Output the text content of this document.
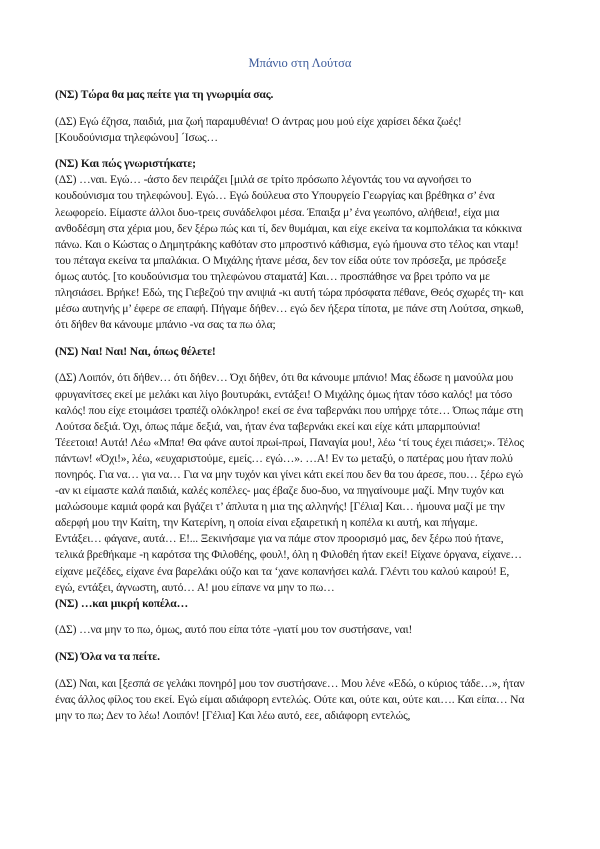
Μπάνιο στη Λούτσα

(ΝΣ) Τώρα θα μας πείτε για τη γνωριμία σας.

(ΔΣ) Εγώ έζησα, παιδιά, μια ζωή παραμυθένια! Ο άντρας μου μού είχε χαρίσει δέκα ζωές! [Κουδούνισμα τηλεφώνου] ´Ισως…

(ΝΣ) Και πώς γνωριστήκατε;

(ΔΣ) …ναι. Εγώ… -άστο δεν πειράζει [μιλά σε τρίτο πρόσωπο λέγοντάς του να αγνοήσει το κουδούνισμα του τηλεφώνου]. Εγώ… Εγώ δούλευα στο Υπουργείο Γεωργίας και βρέθηκα σ’ ένα λεωφορείο. Είμαστε άλλοι δυο-τρεις συνάδελφοι μέσα. Έπαιξα μ’ ένα γεωπόνο, αλήθεια!, είχα μια ανθοδέσμη στα χέρια μου, δεν ξέρω πώς και τί, δεν θυμάμαι, και είχε εκείνα τα κομπολάκια τα κόκκινα πάνω. Και ο Κώστας ο Δημητράκης καθόταν στο μπροστινό κάθισμα, εγώ ήμουνα στο τέλος και νταμ! του πέταγα εκείνα τα μπαλάκια. Ο Μιχάλης ήτανε μέσα, δεν τον είδα ούτε τον πρόσεξα, με πρόσεξε όμως αυτός. [το κουδούνισμα του τηλεφώνου σταματά] Και… προσπάθησε να βρει τρόπο να με πλησιάσει. Βρήκε! Εδώ, της Γιεβεζού την ανιψιά -κι αυτή τώρα πρόσφατα πέθανε, Θεός σχωρές τη- και μέσω αυτηνής μ’ έφερε σε επαφή. Πήγαμε δήθεν… εγώ δεν ήξερα τίποτα, με πάνε στη Λούτσα, σηκωθ, ότι δήθεν θα κάνουμε μπάνιο -να σας τα πω όλα;

(ΝΣ) Ναι! Ναι! Ναι, όπως θέλετε!

(ΔΣ) Λοιπόν, ότι δήθεν… ότι δήθεν… Όχι δήθεν, ότι θα κάνουμε μπάνιο! Μας έδωσε η μανούλα μου φρυγανίτσες εκεί με μελάκι και λίγο βουτυράκι, εντάξει! Ο Μιχάλης όμως ήταν τόσο καλός! μα τόσο καλός! που είχε ετοιμάσει τραπέζι ολόκληρο! εκεί σε ένα ταβερνάκι που υπήρχε τότε… Όπως πάμε στη Λούτσα δεξιά. Όχι, όπως πάμε δεξιά, ναι, ήταν ένα ταβερνάκι εκεί και είχε κάτι μπαρμπούνια! Τέεετοια! Αυτά! Λέω «Μπα! Θα φάνε αυτοί πρωί-πρωί, Παναγία μου!, λέω ‘τί τους έχει πιάσει;». Τέλος πάντων! «Όχι!», λέω, «ευχαριστούμε, εμείς… εγώ…». …Α! Εν τω μεταξύ, ο πατέρας μου ήταν πολύ πονηρός. Για να… για να… Για να μην τυχόν και γίνει κάτι εκεί που δεν θα του άρεσε, που… ξέρω εγώ -αν κι είμαστε καλά παιδιά, καλές κοπέλες- μας έβαζε δυο-δυο, να πηγαίνουμε μαζί. Μην τυχόν και μαλώσουμε καμιά φορά και βγάζει τ’ άπλυτα η μια της αλληνής! [Γέλια] Και… ήμουνα μαζί με την αδερφή μου την Καίτη, την Κατερίνη, η οποία είναι εξαιρετική η κοπέλα κι αυτή, και πήγαμε. Εντάξει… φάγανε, αυτά… Ε!... Ξεκινήσαμε για να πάμε στον προορισμό μας, δεν ξέρω πού ήτανε, τελικά βρεθήκαμε -η καρότσα της Φιλοθέης, φουλ!, όλη η Φιλοθέη ήταν εκεί! Είχανε όργανα, είχανε… είχανε μεζέδες, είχανε ένα βαρελάκι ούζο και τα ‘χανε κοπανήσει καλά. Γλέντι του καλού καιρού! Ε, εγώ, εντάξει, άγνωστη, αυτό… Α! μου είπανε να μην το πω…

(ΝΣ) …και μικρή κοπέλα…

(ΔΣ) …να μην το πω, όμως, αυτό που είπα τότε -γιατί μου τον συστήσανε, ναι!

(ΝΣ) Όλα να τα πείτε.

(ΔΣ) Ναι, και [ξεσπά σε γελάκι πονηρό] μου τον συστήσανε… Μου λένε «Εδώ, ο κύριος τάδε…», ήταν ένας άλλος φίλος του εκεί. Εγώ είμαι αδιάφορη εντελώς. Ούτε και, ούτε και, ούτε και…. Και είπα… Να μην το πω; Δεν το λέω! Λοιπόν! [Γέλια] Και λέω αυτό, εεε, αδιάφορη εντελώς,
